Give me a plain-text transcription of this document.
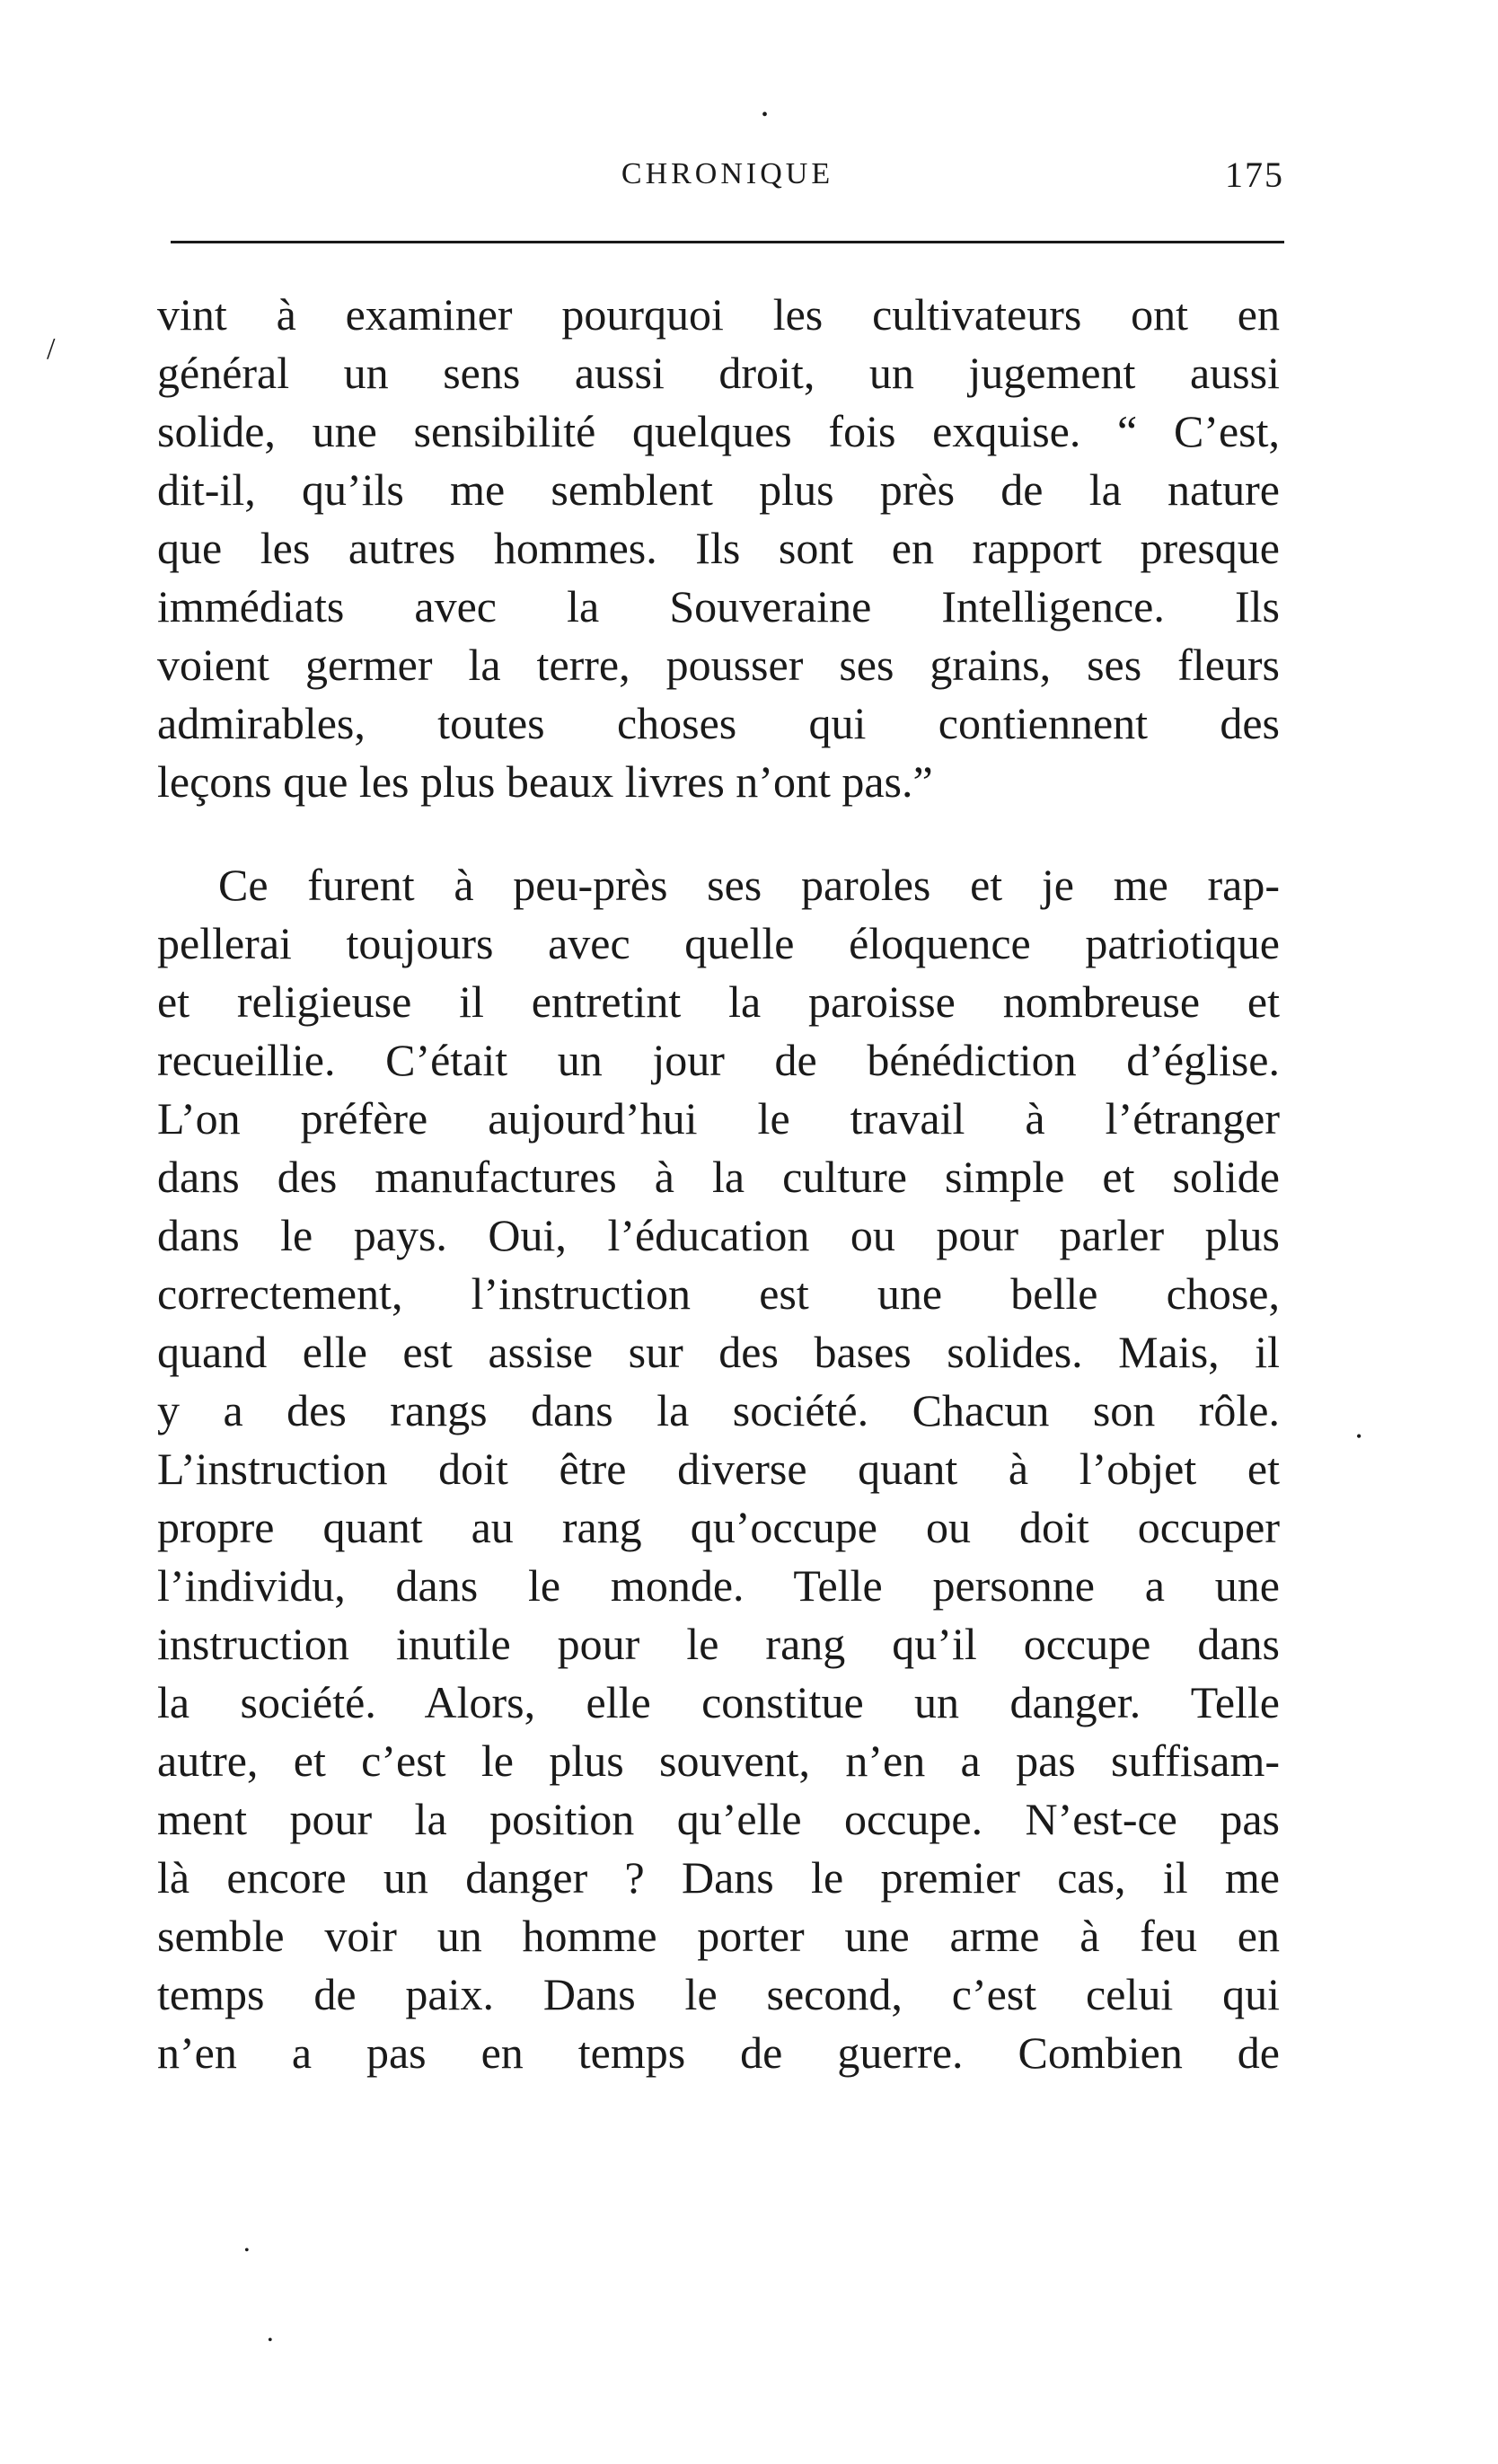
CHRONIQUE	175
•
/
•
•
•
vint à examiner pourquoi les cultivateurs ont en
général un sens aussi droit, un jugement aussi
solide, une sensibilité quelques fois exquise. “ C’est,
dit-il, qu’ils me semblent plus près de la nature
que les autres hommes. Ils sont en rapport presque
immédiats avec la Souveraine Intelligence. Ils
voient germer la terre, pousser ses grains, ses fleurs
admirables, toutes choses qui contiennent des
leçons que les plus beaux livres n’ont pas.”
Ce furent à peu-près ses paroles et je me rap-
pellerai toujours avec quelle éloquence patriotique
et religieuse il entretint la paroisse nombreuse et
recueillie. C’était un jour de bénédiction d’église.
L’on préfère aujourd’hui le travail à l’étranger
dans des manufactures à la culture simple et solide
dans le pays. Oui, l’éducation ou pour parler plus
correctement, l’instruction est une belle chose,
quand elle est assise sur des bases solides. Mais, il
y a des rangs dans la société. Chacun son rôle.
L’instruction doit être diverse quant à l’objet et
propre quant au rang qu’occupe ou doit occuper
l’individu, dans le monde. Telle personne a une
instruction inutile pour le rang qu’il occupe dans
la société. Alors, elle constitue un danger. Telle
autre, et c’est le plus souvent, n’en a pas suffisam-
ment pour la position qu’elle occupe. N’est-ce pas
là encore un danger ? Dans le premier cas, il me
semble voir un homme porter une arme à feu en
temps de paix. Dans le second, c’est celui qui
n’en a pas en temps de guerre. Combien de
